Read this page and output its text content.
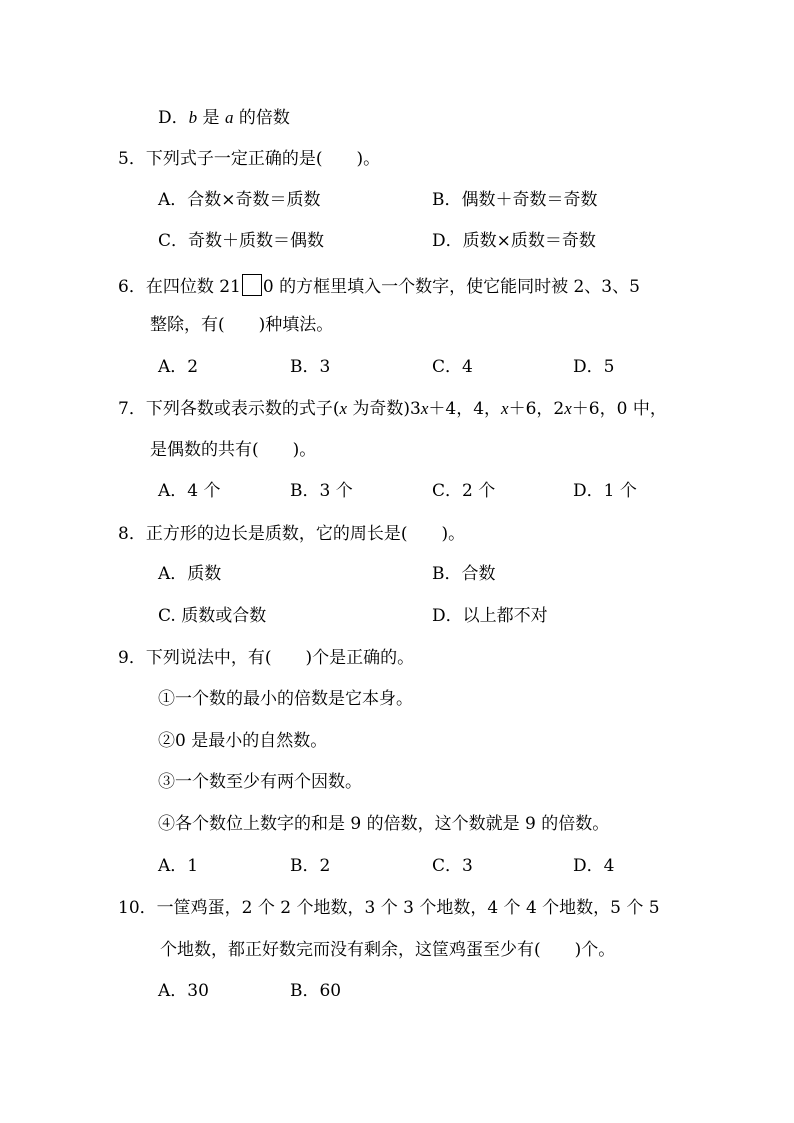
D．b 是 a 的倍数
5．下列式子一定正确的是(　　)。
A．合数×奇数＝质数	B．偶数＋奇数＝奇数
C．奇数＋质数＝偶数	D．质数×质数＝奇数
6．在四位数 21 0 的方框里填入一个数字，使它能同时被 2、3、5
整除，有(　　)种填法。
A．2	B．3	C．4	D．5
7．下列各数或表示数的式子(x 为奇数)3x＋4，4，x＋6，2x＋6，0 中，
是偶数的共有(　　)。
A．4 个	B．3 个	C．2 个	D．1 个
8．正方形的边长是质数，它的周长是(　　)。
A．质数	B．合数
C. 质数或合数	D．以上都不对
9．下列说法中，有(　　)个是正确的。
①一个数的最小的倍数是它本身。
②0 是最小的自然数。
③一个数至少有两个因数。
④各个数位上数字的和是 9 的倍数，这个数就是 9 的倍数。
A．1	B．2	C．3	D．4
10．一筐鸡蛋，2 个 2 个地数，3 个 3 个地数，4 个 4 个地数，5 个 5
个地数，都正好数完而没有剩余，这筐鸡蛋至少有(　　)个。
A．30	B．60
